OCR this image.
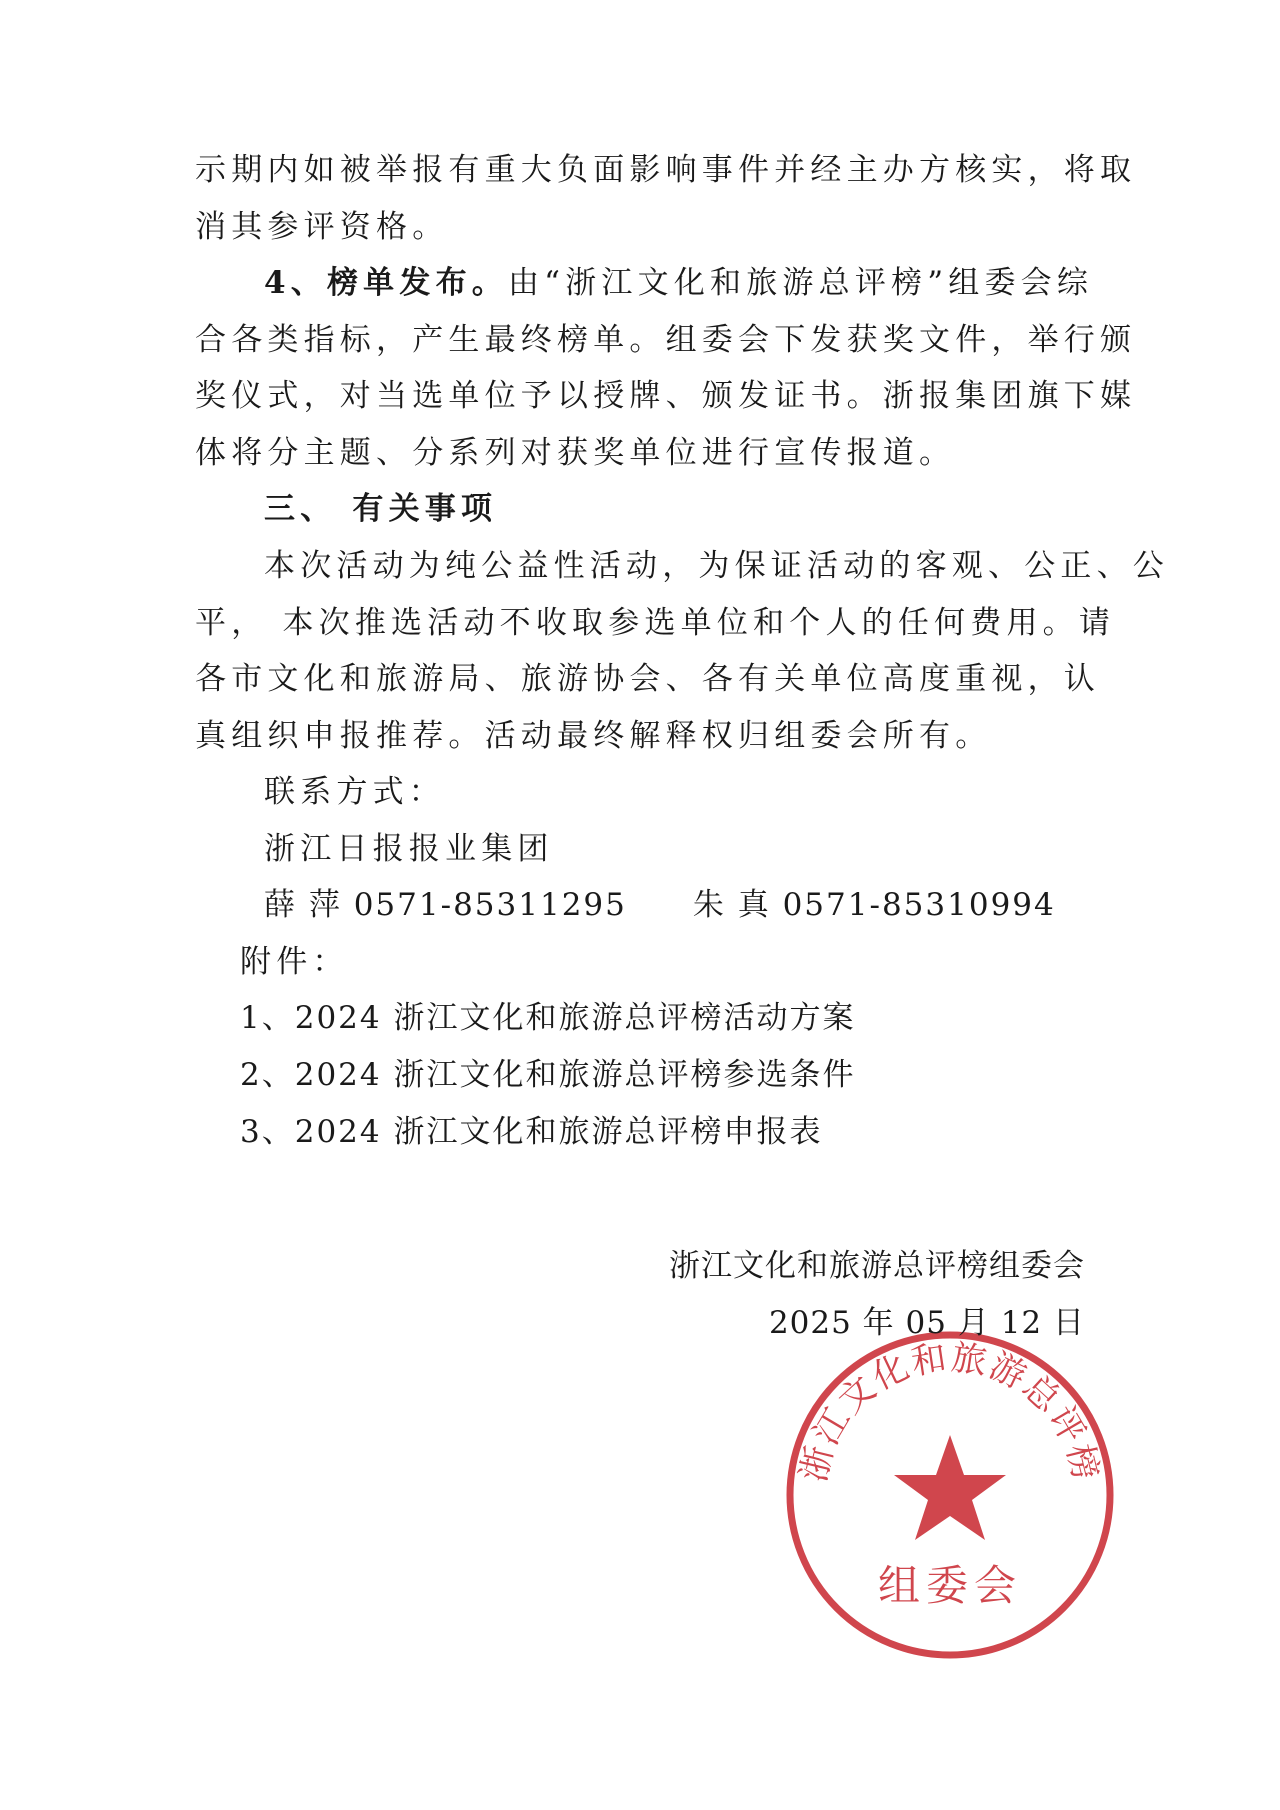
示期内如被举报有重大负面影响事件并经主办方核实，将取
消其参评资格。
4、榜单发布。由“浙江文化和旅游总评榜”组委会综
合各类指标，产生最终榜单。组委会下发获奖文件，举行颁
奖仪式，对当选单位予以授牌、颁发证书。浙报集团旗下媒
体将分主题、分系列对获奖单位进行宣传报道。
三、 有关事项
本次活动为纯公益性活动，为保证活动的客观、公正、公
平， 本次推选活动不收取参选单位和个人的任何费用。请
各市文化和旅游局、旅游协会、各有关单位高度重视，认
真组织申报推荐。活动最终解释权归组委会所有。
联系方式：
浙江日报报业集团
薛 萍 0571-85311295 朱 真 0571-85310994
附件：
1、2024 浙江文化和旅游总评榜活动方案
2、2024 浙江文化和旅游总评榜参选条件
3、2024 浙江文化和旅游总评榜申报表
浙江文化和旅游总评榜
组委会
浙江文化和旅游总评榜组委会
2025 年 05 月 12 日
